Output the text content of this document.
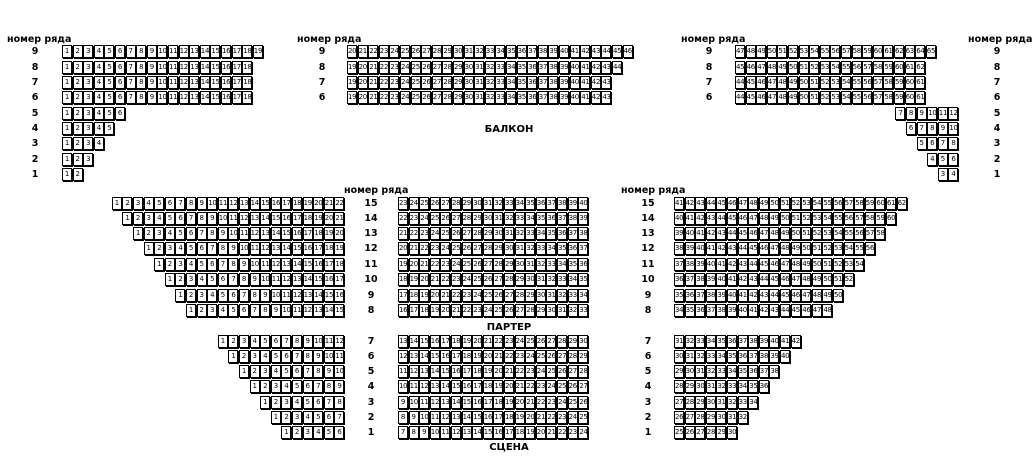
номер ряда	номер ряда	номер ряда	номер ряда
номер ряда	номер ряда
БАЛКОН
ПАРТЕР
СЦЕНА
1 2 3 4 5 6 7 8 9 10 11 12 13 14 15 16 17 18 19
9
1 2 3 4 5 6 7 8 9 10 11 12 13 14 15 16 17 18
8
1 2 3 4 5 6 7 8 9 10 11 12 13 14 15 16 17 18
7
1 2 3 4 5 6 7 8 9 10 11 12 13 14 15 16 17 18
6
1 2 3 4 5 6
5
1 2 3 4 5
4
1 2 3 4
3
1 2 3
2
1 2
1
20 21 22 23 24 25 26 27 28 29 30 31 32 33 34 35 36 37 38 39 40 41 42 43 44 45 46
9	9
19 20 21 22 23 24 25 26 27 28 29 30 31 32 33 34 35 36 37 38 39 40 41 42 43 44
8	8
19 20 21 22 23 24 25 26 27 28 29 30 31 32 33 34 35 36 37 38 39 40 41 42 43
7	7
19 20 21 22 23 24 25 26 27 28 29 30 31 32 33 34 35 36 37 38 39 40 41 42 43
6	6
47 48 49 50 51 52 53 54 55 56 57 58 59 60 61 62 63 64 65	9
45 46 47 48 49 50 51 52 53 54 55 56 57 58 59 60 61 62	8
44 45 46 47 48 49 50 51 52 53 54 55 56 57 58 59 60 61	7
44 45 46 47 48 49 50 51 52 53 54 55 56 57 58 59 60 61	6
7 8 9 10 11 12	5
6 7 8 9 10	4
5 6 7 8	3
4 5 6	2
3 4	1
1 2 3 4 5 6 7 8 9 10 11 12 13 14 15 16 17 18 19 20 21 22	15
1 2 3 4 5 6 7 8 9 10 11 12 13 14 15 16 17 18 19 20 21	14
1 2 3 4 5 6 7 8 9 10 11 12 13 14 15 16 17 18 19 20	13
1 2 3 4 5 6 7 8 9 10 11 12 13 14 15 16 17 18 19	12
1 2 3 4 5 6 7 8 9 10 11 12 13 14 15 16 17 18	11
1 2 3 4 5 6 7 8 9 10 11 12 13 14 15 16 17	10
1 2 3 4 5 6 7 8 9 10 11 12 13 14 15 16	9
1 2 3 4 5 6 7 8 9 10 11 12 13 14 15	8
23 24 25 26 27 28 29 30 31 32 33 34 35 36 37 38 39 40	15
22 23 24 25 26 27 28 29 30 31 32 33 34 35 36 37 38 39	14
21 22 23 24 25 26 27 28 29 30 31 32 33 34 35 36 37 38	13
20 21 22 23 24 25 26 27 28 29 30 31 32 33 34 35 36 37	12
19 20 21 22 23 24 25 26 27 28 29 30 31 32 33 34 35 36	11
18 19 20 21 22 23 24 25 26 27 28 29 30 31 32 33 34 35	10
17 18 19 20 21 22 23 24 25 26 27 28 29 30 31 32 33 34	9
16 17 18 19 20 21 22 23 24 25 26 27 28 29 30 31 32 33	8
41 42 43 44 45 46 47 48 49 50 51 52 53 54 55 56 57 58 59 60 61 62
40 41 42 43 44 45 46 47 48 49 50 51 52 53 54 55 56 57 58 59 60
39 40 41 42 43 44 45 46 47 48 49 50 51 52 53 54 55 56 57 58
38 39 40 41 42 43 44 45 46 47 48 49 50 51 52 53 54 55 56
37 38 39 40 41 42 43 44 45 46 47 48 49 50 51 52 53 54
36 37 38 39 40 41 42 43 44 45 46 47 48 49 50 51 52
35 36 37 38 39 40 41 42 43 44 45 46 47 48 49 50
34 35 36 37 38 39 40 41 42 43 44 45 46 47 48
1 2 3 4 5 6 7 8 9 10 11 12	7
1 2 3 4 5 6 7 8 9 10 11	6
1 2 3 4 5 6 7 8 9 10	5
1 2 3 4 5 6 7 8 9	4
1 2 3 4 5 6 7 8	3
1 2 3 4 5 6 7	2
1 2 3 4 5 6	1
13 14 15 16 17 18 19 20 21 22 23 24 25 26 27 28 29 30	7
12 13 14 15 16 17 18 19 20 21 22 23 24 25 26 27 28 29	6
11 12 13 14 15 16 17 18 19 20 21 22 23 24 25 26 27 28	5
10 11 12 13 14 15 16 17 18 19 20 21 22 23 24 25 26 27	4
9 10 11 12 13 14 15 16 17 18 19 20 21 22 23 24 25 26	3
8 9 10 11 12 13 14 15 16 17 18 19 20 21 22 23 24 25	2
7 8 9 10 11 12 13 14 15 16 17 18 19 20 21 22 23 24	1
31 32 33 34 35 36 37 38 39 40 41 42
30 31 32 33 34 35 36 37 38 39 40
29 30 31 32 33 34 35 36 37 38
28 29 30 31 32 33 34 35 36
27 28 29 30 31 32 33 34
26 27 28 29 30 31 32
25 26 27 28 29 30
